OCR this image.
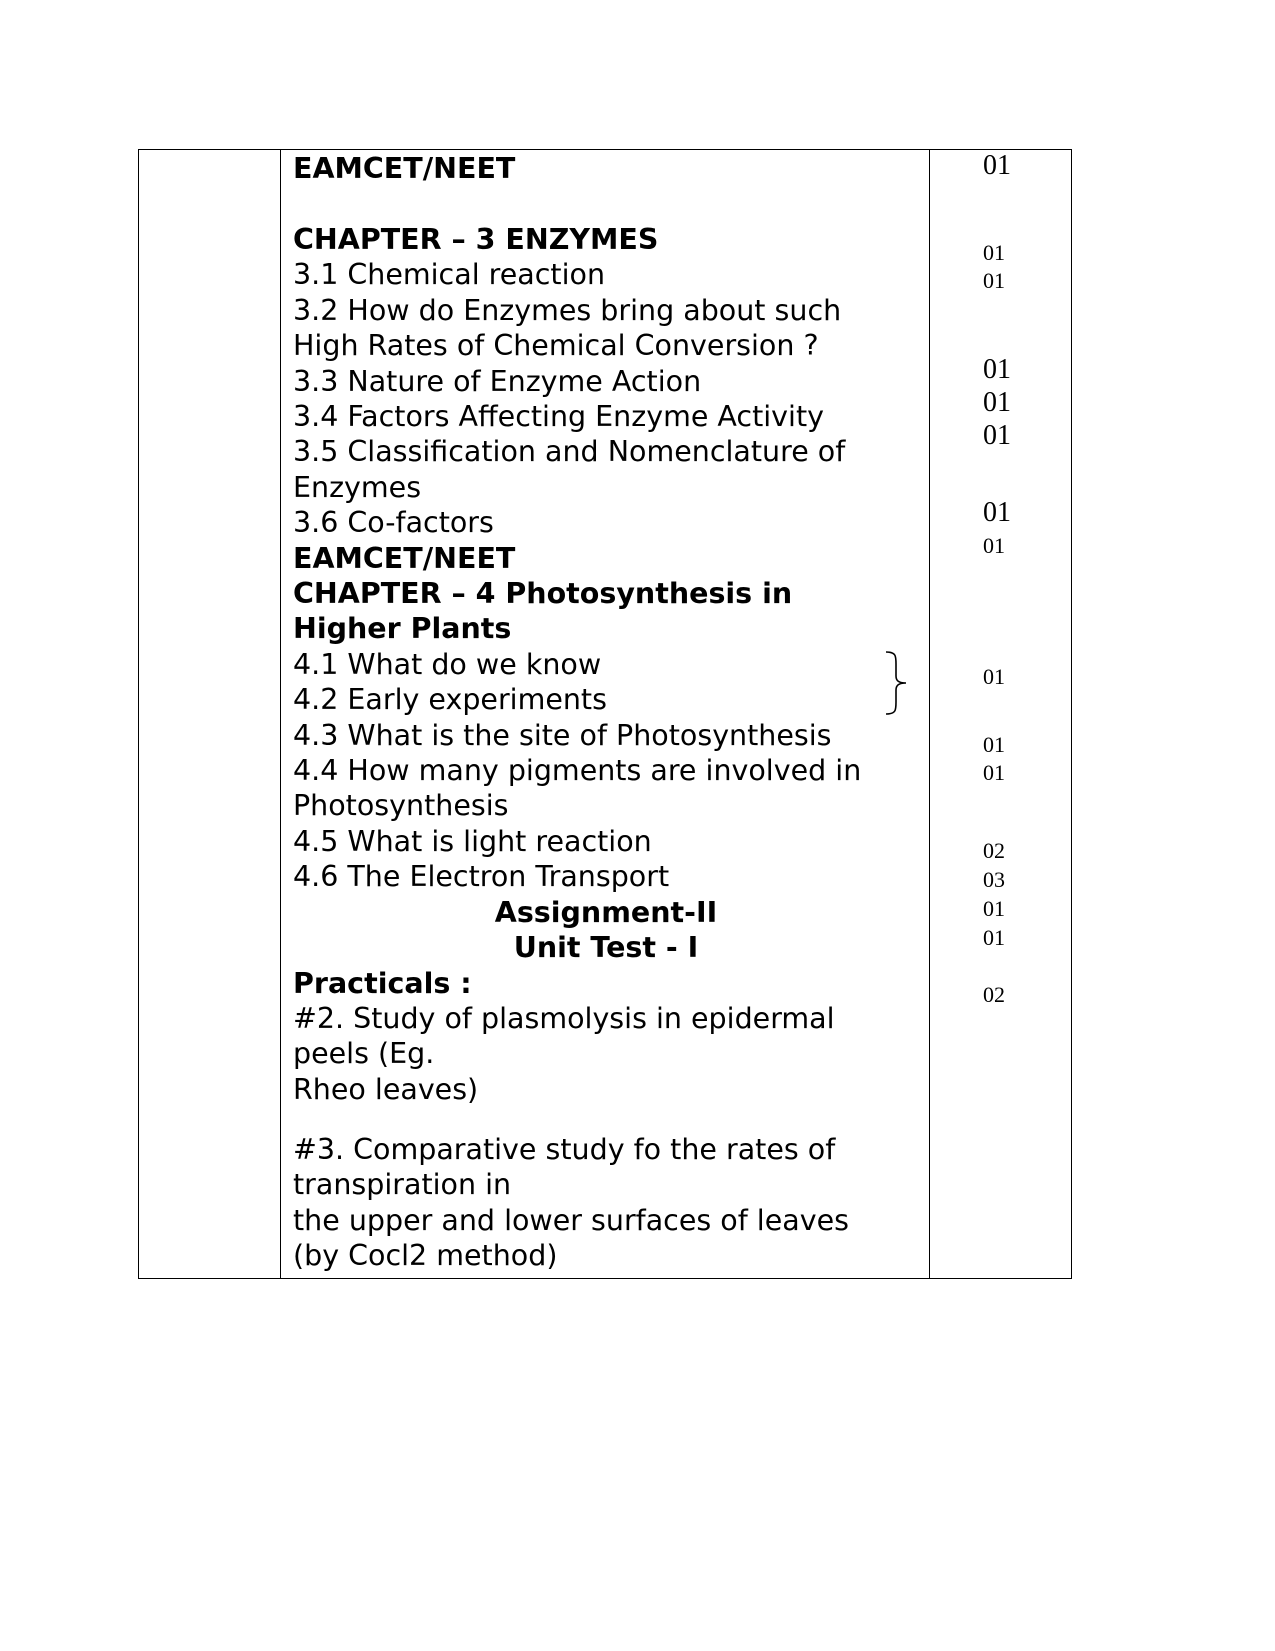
EAMCET/NEET
CHAPTER – 3 ENZYMES
3.1 Chemical reaction
3.2 How do Enzymes bring about such
High Rates of Chemical Conversion ?
3.3 Nature of Enzyme Action
3.4 Factors Affecting Enzyme Activity
3.5 Classification and Nomenclature of
Enzymes
3.6 Co-factors
EAMCET/NEET
CHAPTER – 4 Photosynthesis in
Higher Plants
4.1 What do we know
4.2 Early experiments
4.3 What is the site of Photosynthesis
4.4 How many pigments are involved in
Photosynthesis
4.5 What is light reaction
4.6 The Electron Transport
Assignment-II
Unit Test - I
Practicals :
#2. Study of plasmolysis in epidermal
peels (Eg.
Rheo leaves)
#3. Comparative study fo the rates of
transpiration in
the upper and lower surfaces of leaves
(by Cocl2 method)
01
01
01
01
01
01
01
01
01
01
01
02
03
01
01
02
